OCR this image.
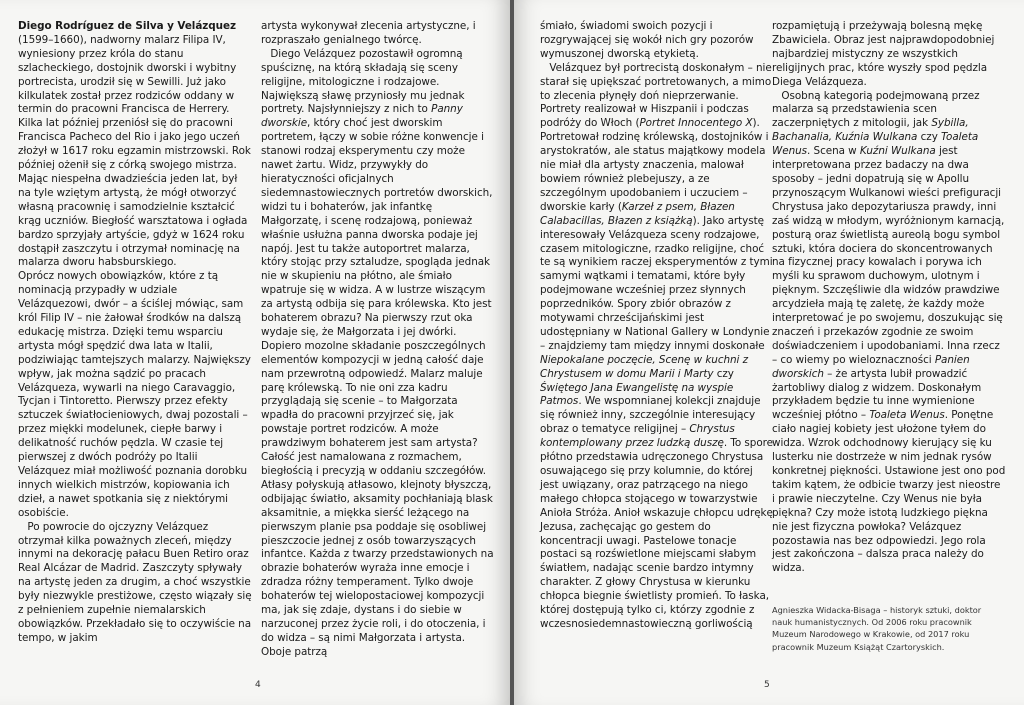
Diego Rodríguez de Silva y Velázquez (1599–1660), nadworny malarz Filipa IV, wyniesiony przez króla do stanu szlacheckiego, dostojnik dworski i wybitny portrecista, urodził się w Sewilli. Już jako kilkulatek został przez rodziców oddany w termin do pracowni Francisca de Herrery. Kilka lat później przeniósł się do pracowni Francisca Pacheco del Rio i jako jego uczeń złożył w 1617 roku egzamin mistrzowski. Rok później ożenił się z córką swojego mistrza. Mając niespełna dwadzieścia jeden lat, był na tyle wziętym artystą, że mógł otworzyć własną pracownię i samodzielnie kształcić krąg uczniów. Biegłość warsztatowa i ogłada bardzo sprzyjały artyście, gdyż w 1624 roku dostąpił zaszczytu i otrzymał nominację na malarza dworu habsburskiego.

Oprócz nowych obowiązków, które z tą nominacją przypadły w udziale Velázquezowi, dwór – a ściślej mówiąc, sam król Filip IV – nie żałował środków na dalszą edukację mistrza. Dzięki temu wsparciu artysta mógł spędzić dwa lata w Italii, podziwiając tamtejszych malarzy. Największy wpływ, jak można sądzić po pracach Velázqueza, wywarli na niego Caravaggio, Tycjan i Tintoretto. Pierwszy przez efekty sztuczek światłocieniowych, dwaj pozostali – przez miękki modelunek, ciepłe barwy i delikatność ruchów pędzla. W czasie tej pierwszej z dwóch podróży po Italii Velázquez miał możliwość poznania dorobku innych wielkich mistrzów, kopiowania ich dzieł, a nawet spotkania się z niektórymi osobiście.

Po powrocie do ojczyzny Velázquez otrzymał kilka poważnych zleceń, między innymi na dekorację pałacu Buen Retiro oraz Real Alcázar de Madrid. Zaszczyty spływały na artystę jeden za drugim, a choć wszystkie były niezwykle prestiżowe, często wiązały się z pełnieniem zupełnie niemalarskich obowiązków. Przekładało się to oczywiście na tempo, w jakim

artysta wykonywał zlecenia artystyczne, i rozpraszało genialnego twórcę.

Diego Velázquez pozostawił ogromną spuściznę, na którą składają się sceny religijne, mitologiczne i rodzajowe. Największą sławę przyniosły mu jednak portrety. Najsłynniejszy z nich to Panny dworskie, który choć jest dworskim portretem, łączy w sobie różne konwencje i stanowi rodzaj eksperymentu czy może nawet żartu. Widz, przywykły do hieratyczności oficjalnych siedemnastowiecznych portretów dworskich, widzi tu i bohaterów, jak infantkę Małgorzatę, i scenę rodzajową, ponieważ właśnie usłużna panna dworska podaje jej napój. Jest tu także autoportret malarza, który stojąc przy sztaludze, spogląda jednak nie w skupieniu na płótno, ale śmiało wpatruje się w widza. A w lustrze wiszącym za artystą odbija się para królewska. Kto jest bohaterem obrazu? Na pierwszy rzut oka wydaje się, że Małgorzata i jej dwórki. Dopiero mozolne składanie poszczególnych elementów kompozycji w jedną całość daje nam przewrotną odpowiedź. Malarz maluje parę królewską. To nie oni zza kadru przyglądają się scenie – to Małgorzata wpadła do pracowni przyjrzeć się, jak powstaje portret rodziców. A może prawdziwym bohaterem jest sam artysta? Całość jest namalowana z rozmachem, biegłością i precyzją w oddaniu szczegółów. Atłasy połyskują atłasowo, klejnoty błyszczą, odbijając światło, aksamity pochłaniają blask aksamitnie, a miękka sierść leżącego na pierwszym planie psa poddaje się osobliwej pieszczocie jednej z osób towarzyszących infantce. Każda z twarzy przedstawionych na obrazie bohaterów wyraża inne emocje i zdradza różny temperament. Tylko dwoje bohaterów tej wielopostaciowej kompozycji ma, jak się zdaje, dystans i do siebie w narzuconej przez życie roli, i do otoczenia, i do widza – są nimi Małgorzata i artysta. Oboje patrzą

4	5

śmiało, świadomi swoich pozycji i rozgrywającej się wokół nich gry pozorów wymuszonej dworską etykietą.

Velázquez był portrecistą doskonałym – nie starał się upiększać portretowanych, a mimo to zlecenia płynęły doń nieprzerwanie. Portrety realizował w Hiszpanii i podczas podróży do Włoch (Portret Innocentego X). Portretował rodzinę królewską, dostojników i arystokratów, ale status majątkowy modela nie miał dla artysty znaczenia, malował bowiem również plebejuszy, a ze szczególnym upodobaniem i uczuciem – dworskie karły (Karzeł z psem, Błazen Calabacillas, Błazen z książką). Jako artystę interesowały Velázqueza sceny rodzajowe, czasem mitologiczne, rzadko religijne, choć te są wynikiem raczej eksperymentów z tymi samymi wątkami i tematami, które były podejmowane wcześniej przez słynnych poprzedników. Spory zbiór obrazów z motywami chrześcijańskimi jest udostępniany w National Gallery w Londynie – znajdziemy tam między innymi doskonałe Niepokalane poczęcie, Scenę w kuchni z Chrystusem w domu Marii i Marty czy Świętego Jana Ewangelistę na wyspie Patmos. We wspomnianej kolekcji znajduje się również inny, szczególnie interesujący obraz o tematyce religijnej – Chrystus kontemplowany przez ludzką duszę. To spore płótno przedstawia udręczonego Chrystusa osuwającego się przy kolumnie, do której jest uwiązany, oraz patrzącego na niego małego chłopca stojącego w towarzystwie Anioła Stróża. Anioł wskazuje chłopcu udrękę Jezusa, zachęcając go gestem do koncentracji uwagi. Pastelowe tonacje postaci są rozświetlone miejscami słabym światłem, nadając scenie bardzo intymny charakter. Z głowy Chrystusa w kierunku chłopca biegnie świetlisty promień. To łaska, której dostępują tylko ci, którzy zgodnie z wczesnosiedemnastowieczną gorliwością

rozpamiętują i przeżywają bolesną mękę Zbawiciela. Obraz jest najprawdopodobniej najbardziej mistyczny ze wszystkich religijnych prac, które wyszły spod pędzla Diega Velázqueza.

Osobną kategorią podejmowaną przez malarza są przedstawienia scen zaczerpniętych z mitologii, jak Sybilla, Bachanalia, Kuźnia Wulkana czy Toaleta Wenus. Scena w Kuźni Wulkana jest interpretowana przez badaczy na dwa sposoby – jedni dopatrują się w Apollu przynoszącym Wulkanowi wieści prefiguracji Chrystusa jako depozytariusza prawdy, inni zaś widzą w młodym, wyróżnionym karnacją, posturą oraz świetlistą aureolą bogu symbol sztuki, która dociera do skoncentrowanych na fizycznej pracy kowalach i porywa ich myśli ku sprawom duchowym, ulotnym i pięknym. Szczęśliwie dla widzów prawdziwe arcydzieła mają tę zaletę, że każdy może interpretować je po swojemu, doszukując się znaczeń i przekazów zgodnie ze swoim doświadczeniem i upodobaniami. Inna rzecz – co wiemy po wieloznaczności Panien dworskich – że artysta lubił prowadzić żartobliwy dialog z widzem. Doskonałym przykładem będzie tu inne wymienione wcześniej płótno – Toaleta Wenus. Ponętne ciało nagiej kobiety jest ułożone tyłem do widza. Wzrok odchodnowy kierujący się ku lusterku nie dostrzeże w nim jednak rysów konkretnej piękności. Ustawione jest ono pod takim kątem, że odbicie twarzy jest nieostre i prawie nieczytelne. Czy Wenus nie była piękna? Czy może istotą ludzkiego piękna nie jest fizyczna powłoka? Velázquez pozostawia nas bez odpowiedzi. Jego rola jest zakończona – dalsza praca należy do widza.

Agnieszka Widacka-Bisaga – historyk sztuki, doktor nauk humanistycznych. Od 2006 roku pracownik Muzeum Narodowego w Krakowie, od 2017 roku pracownik Muzeum Książąt Czartoryskich.
